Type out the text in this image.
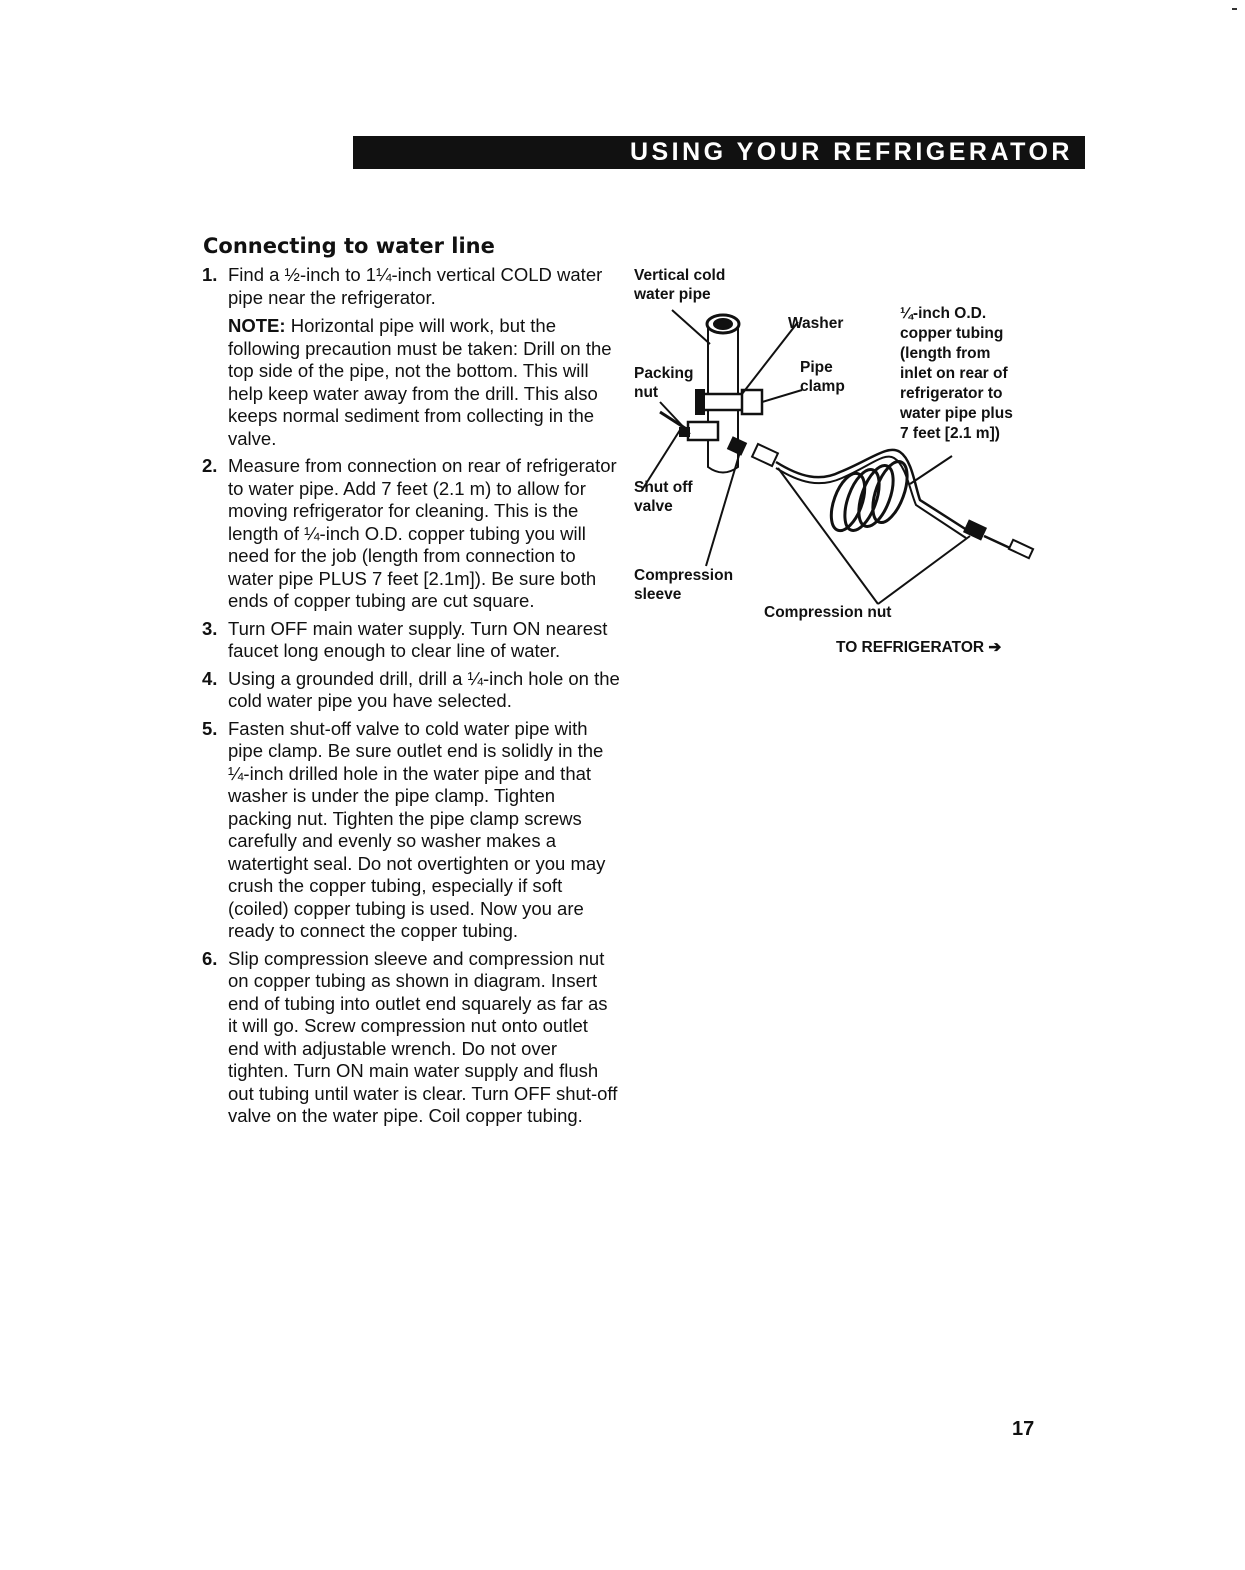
USING YOUR REFRIGERATOR
Connecting to water line
1. Find a ½-inch to 1¼-inch vertical COLD water pipe near the refrigerator.

NOTE: Horizontal pipe will work, but the following precaution must be taken: Drill on the top side of the pipe, not the bottom. This will help keep water away from the drill. This also keeps normal sediment from collecting in the valve.

2. Measure from connection on rear of refrigerator to water pipe. Add 7 feet (2.1 m) to allow for moving refrigerator for cleaning. This is the length of ¼-inch O.D. copper tubing you will need for the job (length from connection to water pipe PLUS 7 feet [2.1m]). Be sure both ends of copper tubing are cut square.

3. Turn OFF main water supply. Turn ON nearest faucet long enough to clear line of water.

4. Using a grounded drill, drill a ¼-inch hole on the cold water pipe you have selected.

5. Fasten shut-off valve to cold water pipe with pipe clamp. Be sure outlet end is solidly in the ¼-inch drilled hole in the water pipe and that washer is under the pipe clamp. Tighten packing nut. Tighten the pipe clamp screws carefully and evenly so washer makes a watertight seal. Do not overtighten or you may crush the copper tubing, especially if soft (coiled) copper tubing is used. Now you are ready to connect the copper tubing.

6. Slip compression sleeve and compression nut on copper tubing as shown in diagram. Insert end of tubing into outlet end squarely as far as it will go. Screw compression nut onto outlet end with adjustable wrench. Do not over tighten. Turn ON main water supply and flush out tubing until water is clear. Turn OFF shut-off valve on the water pipe. Coil copper tubing.

Vertical cold
water pipe
Washer
¼-inch O.D.
copper tubing
(length from
inlet on rear of
refrigerator to
water pipe plus
7 feet [2.1 m])
Packing
nut
Pipe
clamp
Shut off
valve
Compression
sleeve
Compression nut
TO REFRIGERATOR ➔
17
